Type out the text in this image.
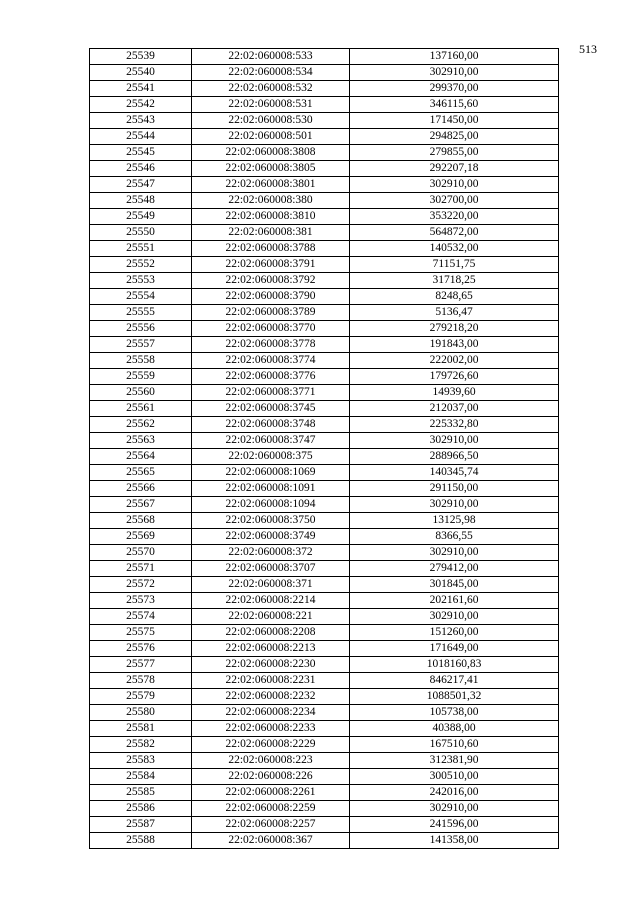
513
25539	22:02:060008:533	137160,00
25540	22:02:060008:534	302910,00
25541	22:02:060008:532	299370,00
25542	22:02:060008:531	346115,60
25543	22:02:060008:530	171450,00
25544	22:02:060008:501	294825,00
25545	22:02:060008:3808	279855,00
25546	22:02:060008:3805	292207,18
25547	22:02:060008:3801	302910,00
25548	22:02:060008:380	302700,00
25549	22:02:060008:3810	353220,00
25550	22:02:060008:381	564872,00
25551	22:02:060008:3788	140532,00
25552	22:02:060008:3791	71151,75
25553	22:02:060008:3792	31718,25
25554	22:02:060008:3790	8248,65
25555	22:02:060008:3789	5136,47
25556	22:02:060008:3770	279218,20
25557	22:02:060008:3778	191843,00
25558	22:02:060008:3774	222002,00
25559	22:02:060008:3776	179726,60
25560	22:02:060008:3771	14939,60
25561	22:02:060008:3745	212037,00
25562	22:02:060008:3748	225332,80
25563	22:02:060008:3747	302910,00
25564	22:02:060008:375	288966,50
25565	22:02:060008:1069	140345,74
25566	22:02:060008:1091	291150,00
25567	22:02:060008:1094	302910,00
25568	22:02:060008:3750	13125,98
25569	22:02:060008:3749	8366,55
25570	22:02:060008:372	302910,00
25571	22:02:060008:3707	279412,00
25572	22:02:060008:371	301845,00
25573	22:02:060008:2214	202161,60
25574	22:02:060008:221	302910,00
25575	22:02:060008:2208	151260,00
25576	22:02:060008:2213	171649,00
25577	22:02:060008:2230	1018160,83
25578	22:02:060008:2231	846217,41
25579	22:02:060008:2232	1088501,32
25580	22:02:060008:2234	105738,00
25581	22:02:060008:2233	40388,00
25582	22:02:060008:2229	167510,60
25583	22:02:060008:223	312381,90
25584	22:02:060008:226	300510,00
25585	22:02:060008:2261	242016,00
25586	22:02:060008:2259	302910,00
25587	22:02:060008:2257	241596,00
25588	22:02:060008:367	141358,00
